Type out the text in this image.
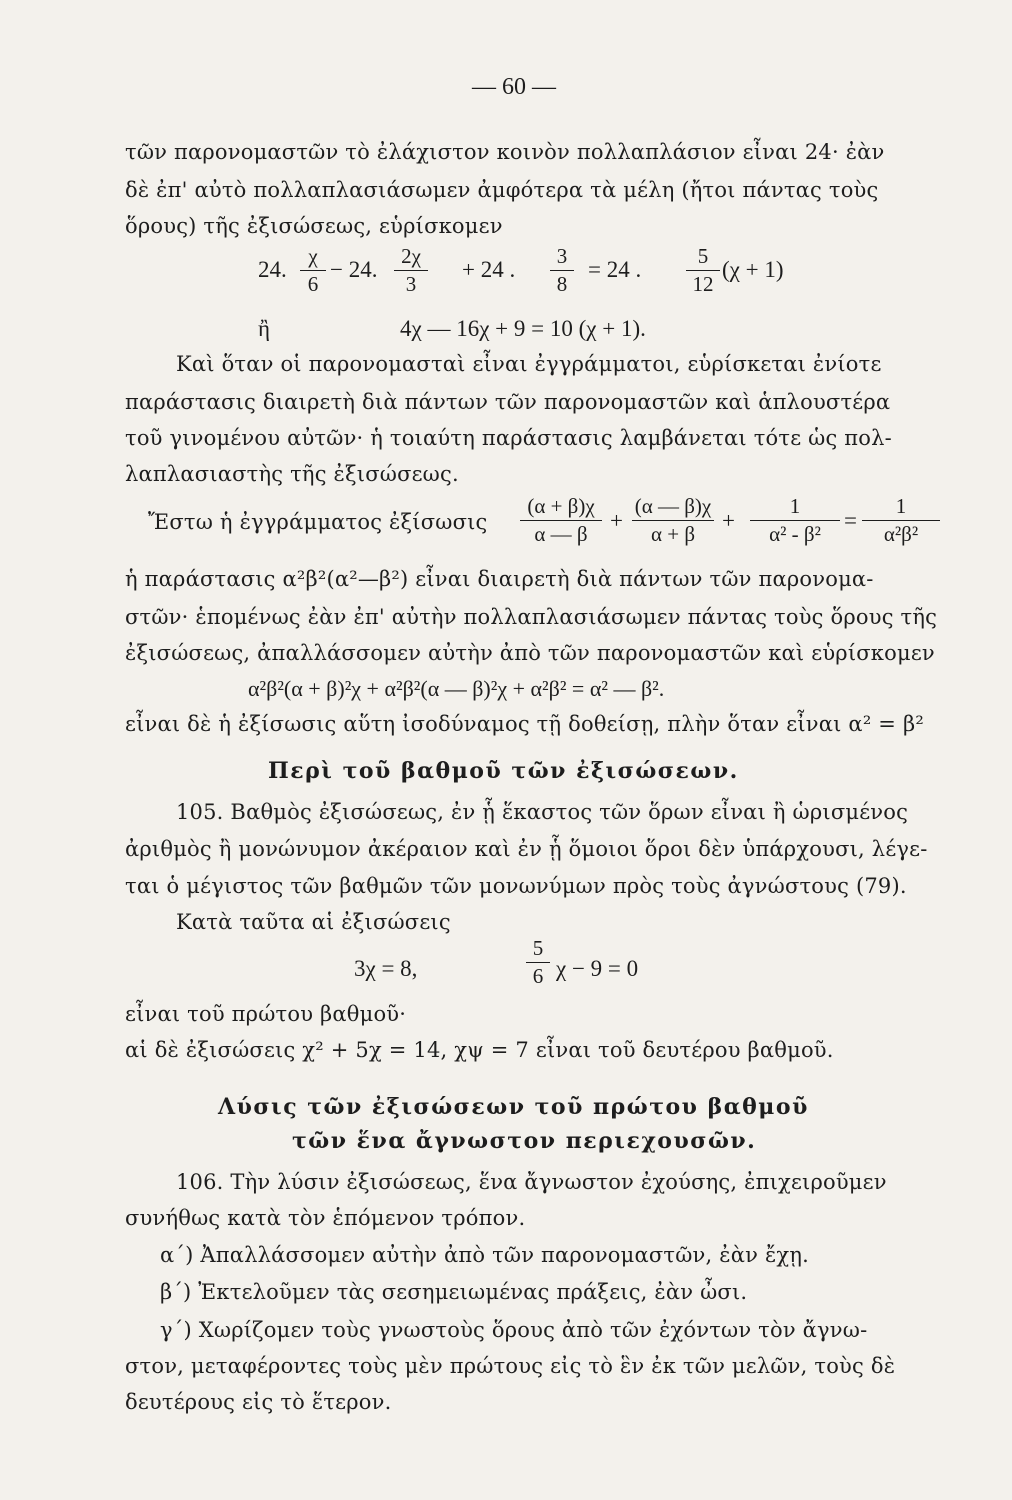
— 60 —
τῶν παρονομαστῶν τὸ ἐλάχιστον κοινὸν πολλαπλάσιον εἶναι 24· ἐὰν
δὲ ἐπ' αὐτὸ πολλαπλασιάσωμεν ἀμφότερα τὰ μέλη (ἤτοι πάντας τοὺς
ὅρους) τῆς ἐξισώσεως, εὑρίσκομεν
24.
χ
6
− 24.
2χ
3
+ 24 .
3
8
= 24 .
5
12
(χ + 1)
ἢ	4χ — 16χ + 9 = 10 (χ + 1).
Καὶ ὅταν οἱ παρονομασταὶ εἶναι ἐγγράμματοι, εὑρίσκεται ἐνίοτε
παράστασις διαιρετὴ διὰ πάντων τῶν παρονομαστῶν καὶ ἁπλουστέρα
τοῦ γινομένου αὐτῶν· ἡ τοιαύτη παράστασις λαμβάνεται τότε ὡς πολ-
λαπλασιαστὴς τῆς ἐξισώσεως.
Ἔστω ἡ ἐγγράμματος ἐξίσωσις
(α + β)χ
α — β
+
(α — β)χ
α + β
+
1
α² - β²
=
1
α²β²
ἡ παράστασις α²β²(α²—β²) εἶναι διαιρετὴ διὰ πάντων τῶν παρονομα-
στῶν· ἑπομένως ἐὰν ἐπ' αὐτὴν πολλαπλασιάσωμεν πάντας τοὺς ὅρους τῆς
ἐξισώσεως, ἀπαλλάσσομεν αὐτὴν ἀπὸ τῶν παρονομαστῶν καὶ εὑρίσκομεν
α²β²(α + β)²χ + α²β²(α — β)²χ + α²β² = α² — β².
εἶναι δὲ ἡ ἐξίσωσις αὕτη ἰσοδύναμος τῇ δοθείσῃ, πλὴν ὅταν εἶναι α² = β²
Περὶ τοῦ βαθμοῦ τῶν ἐξισώσεων.
105. Βαθμὸς ἐξισώσεως, ἐν ᾗ ἕκαστος τῶν ὅρων εἶναι ἢ ὡρισμένος
ἀριθμὸς ἢ μονώνυμον ἀκέραιον καὶ ἐν ᾗ ὅμοιοι ὅροι δὲν ὑπάρχουσι, λέγε-
ται ὁ μέγιστος τῶν βαθμῶν τῶν μονωνύμων πρὸς τοὺς ἀγνώστους (79).
Κατὰ ταῦτα αἱ ἐξισώσεις
3χ = 8,
5
6 χ − 9 = 0
εἶναι τοῦ πρώτου βαθμοῦ·
αἱ δὲ ἐξισώσεις χ² + 5χ = 14, χψ = 7 εἶναι τοῦ δευτέρου βαθμοῦ.
Λύσις τῶν ἐξισώσεων τοῦ πρώτου βαθμοῦ
τῶν ἕνα ἄγνωστον περιεχουσῶν.
106. Τὴν λύσιν ἐξισώσεως, ἕνα ἄγνωστον ἐχούσης, ἐπιχειροῦμεν
συνήθως κατὰ τὸν ἑπόμενον τρόπον.
α΄) Ἀπαλλάσσομεν αὐτὴν ἀπὸ τῶν παρονομαστῶν, ἐὰν ἔχῃ.
β΄) Ἐκτελοῦμεν τὰς σεσημειωμένας πράξεις, ἐὰν ὦσι.
γ΄) Χωρίζομεν τοὺς γνωστοὺς ὅρους ἀπὸ τῶν ἐχόντων τὸν ἄγνω-
στον, μεταφέροντες τοὺς μὲν πρώτους εἰς τὸ ἓν ἐκ τῶν μελῶν, τοὺς δὲ
δευτέρους εἰς τὸ ἕτερον.
